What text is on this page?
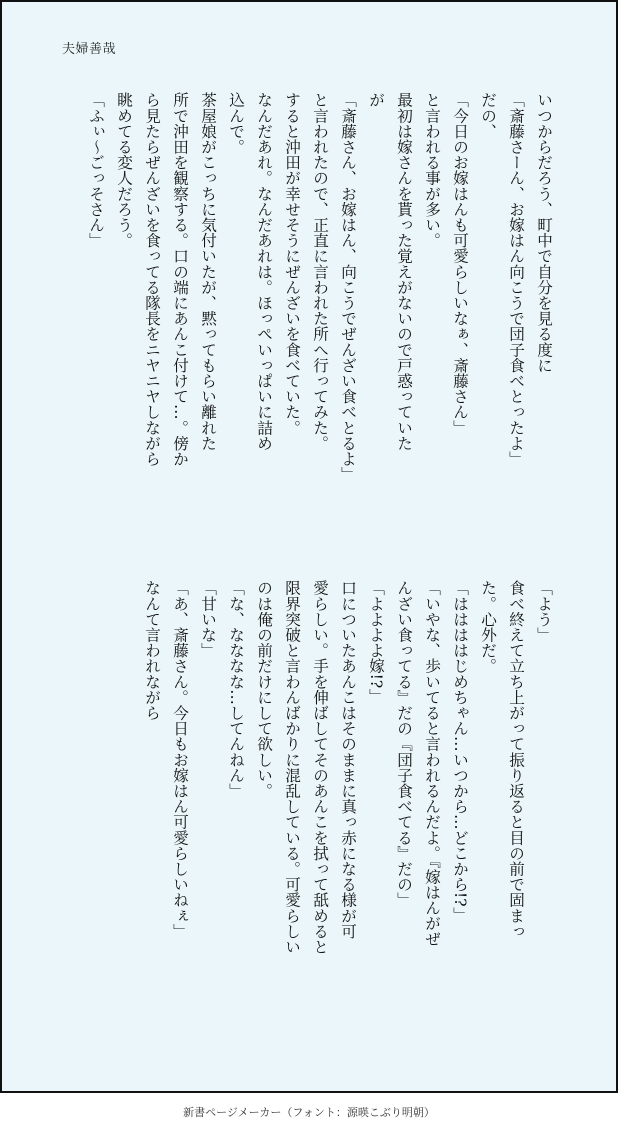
夫婦善哉
いつからだろう、町中で自分を見る度に
「斎藤さーん、お嫁はん向こうで団子食べとったよ」
だの、
「今日のお嫁はんも可愛らしいなぁ、斎藤さん」
と言われる事が多い。
最初は嫁さんを貰った覚えがないので戸惑っていた
が
「斎藤さん、お嫁はん、向こうでぜんざい食べとるよ」
と言われたので、正直に言われた所へ行ってみた。
すると沖田が幸せそうにぜんざいを食べていた。
なんだあれ。なんだあれは。ほっぺいっぱいに詰め
込んで。
茶屋娘がこっちに気付いたが、黙ってもらい離れた
所で沖田を観察する。口の端にあんこ付けて…。傍か
ら見たらぜんざいを食ってる隊長をニヤニヤしながら
眺めてる変人だろう。
「ふぃ～ごっそさん」
「よう」
食べ終えて立ち上がって振り返ると目の前で固まっ
た。心外だ。
「ははははじめちゃん…いつから…どこから!?」
「いやな、歩いてると言われるんだよ。『嫁はんがぜ
んざい食ってる』だの『団子食べてる』だの」
「よよよよ嫁!?」
口についたあんこはそのままに真っ赤になる様が可
愛らしい。手を伸ばしてそのあんこを拭って舐めると
限界突破と言わんばかりに混乱している。可愛らしい
のは俺の前だけにして欲しい。
「な、なななな…してんねん」
「甘いな」
「あ、斎藤さん。今日もお嫁はん可愛らしいねぇ」
なんて言われながら
新書ページメーカー（フォント：源暎こぶり明朝）
